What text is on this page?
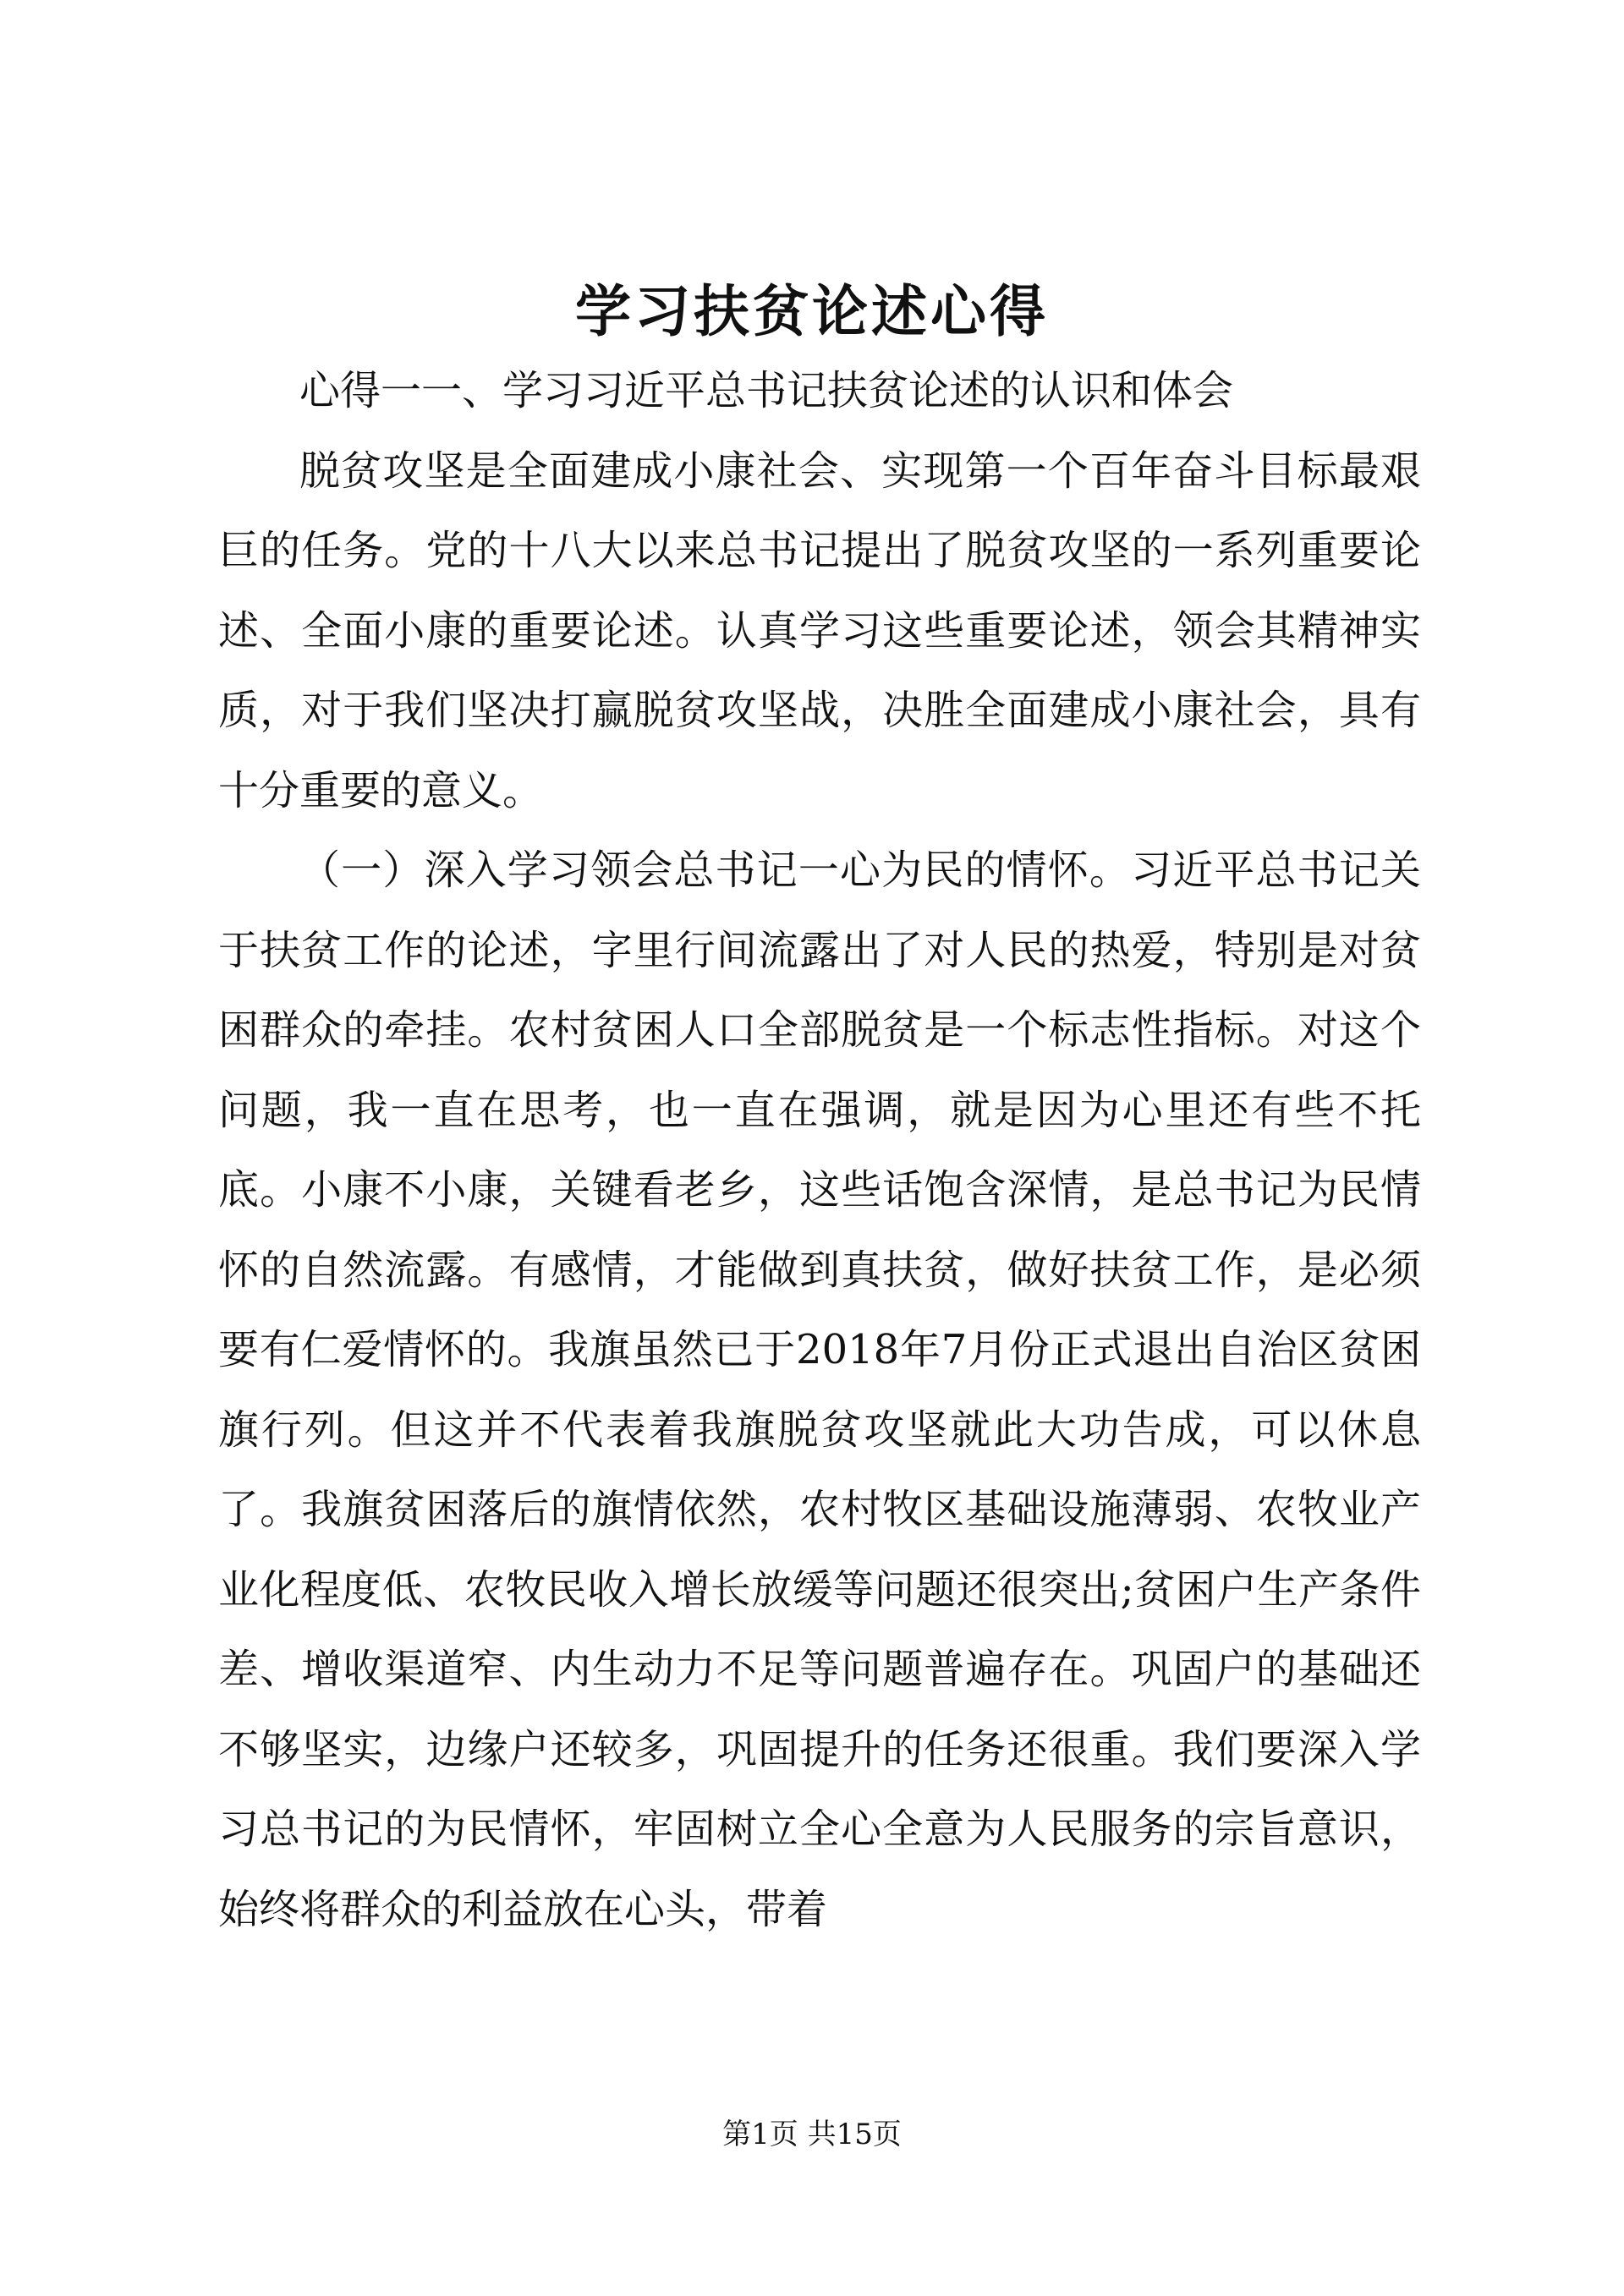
学习扶贫论述心得

心得一一、学习习近平总书记扶贫论述的认识和体会

脱贫攻坚是全面建成小康社会、实现第一个百年奋斗目标最艰巨的任务。党的十八大以来总书记提出了脱贫攻坚的一系列重要论述、全面小康的重要论述。认真学习这些重要论述，领会其精神实质，对于我们坚决打赢脱贫攻坚战，决胜全面建成小康社会，具有十分重要的意义。

（一）深入学习领会总书记一心为民的情怀。习近平总书记关于扶贫工作的论述，字里行间流露出了对人民的热爱，特别是对贫困群众的牵挂。农村贫困人口全部脱贫是一个标志性指标。对这个问题，我一直在思考，也一直在强调，就是因为心里还有些不托底。小康不小康，关键看老乡，这些话饱含深情，是总书记为民情怀的自然流露。有感情，才能做到真扶贫，做好扶贫工作，是必须要有仁爱情怀的。我旗虽然已于2018年7月份正式退出自治区贫困旗行列。但这并不代表着我旗脱贫攻坚就此大功告成，可以休息了。我旗贫困落后的旗情依然，农村牧区基础设施薄弱、农牧业产业化程度低、农牧民收入增长放缓等问题还很突出;贫困户生产条件差、增收渠道窄、内生动力不足等问题普遍存在。巩固户的基础还不够坚实，边缘户还较多，巩固提升的任务还很重。我们要深入学习总书记的为民情怀，牢固树立全心全意为人民服务的宗旨意识，始终将群众的利益放在心头，带着

第1页 共15页
